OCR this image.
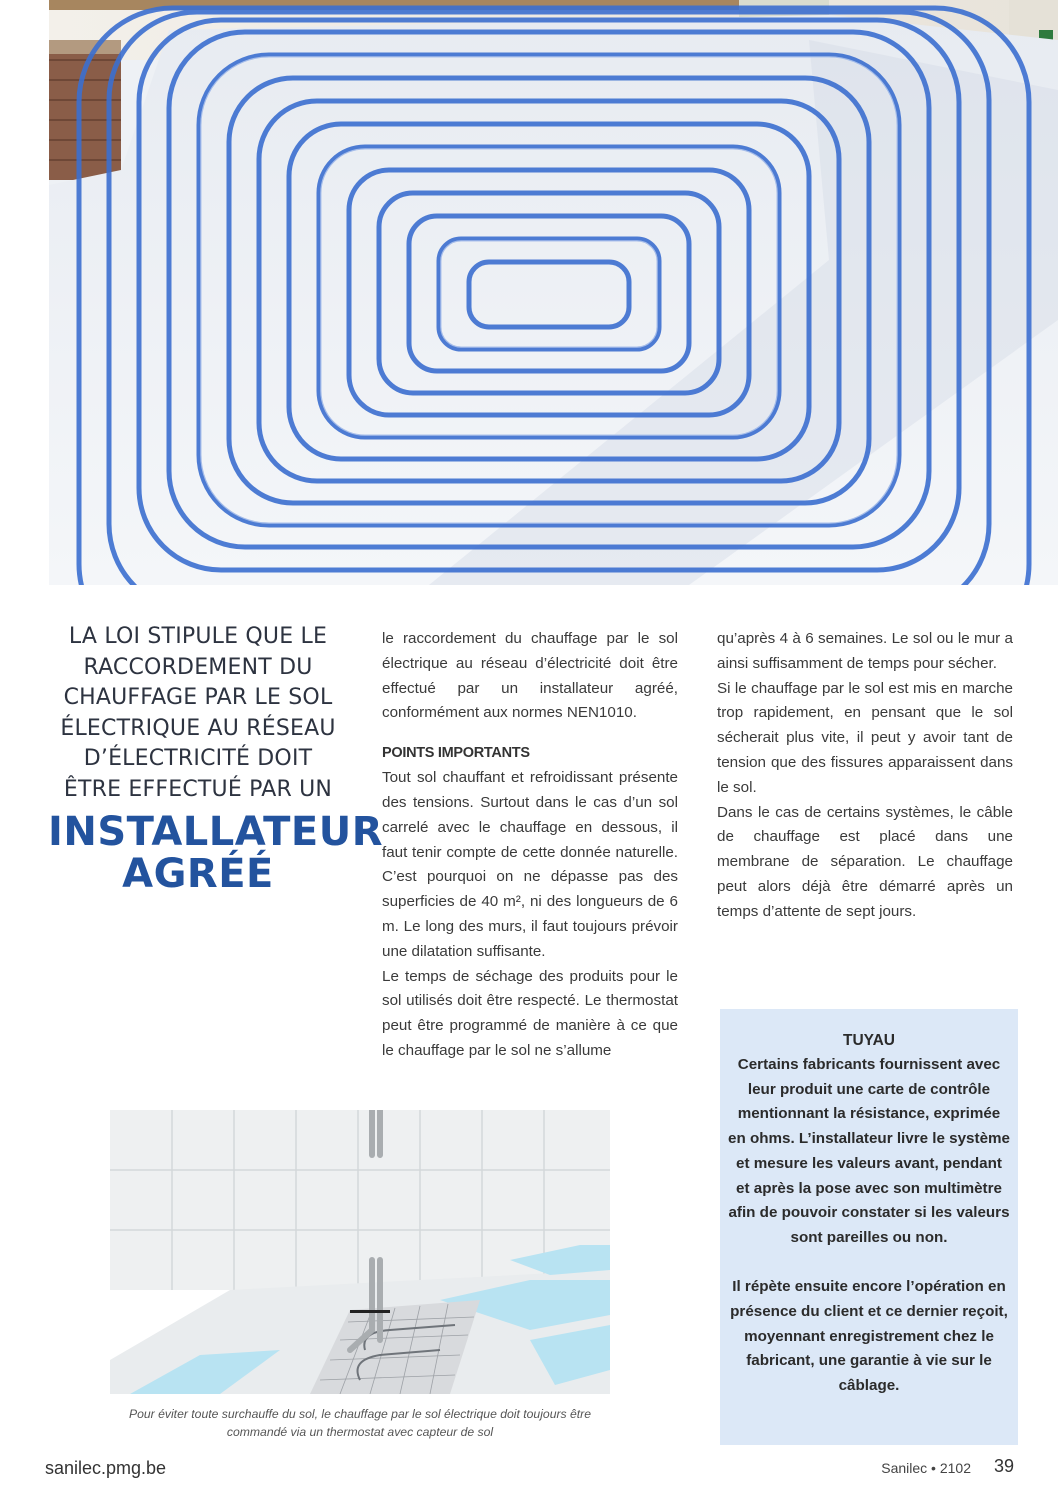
LA LOI STIPULE QUE LE

RACCORDEMENT DU

CHAUFFAGE PAR LE SOL

ÉLECTRIQUE AU RÉSEAU

D’ÉLECTRICITÉ DOIT

ÊTRE EFFECTUÉ PAR UN

INSTALLATEUR

AGRÉÉ

le raccordement du chauffage par le sol électrique au réseau d’électricité doit être effectué par un installateur agréé, conformément aux normes NEN1010.

POINTS IMPORTANTS

Tout sol chauffant et refroidissant présente des tensions. Surtout dans le cas d’un sol carrelé avec le chauffage en dessous, il faut tenir compte de cette donnée naturelle. C’est pourquoi on ne dépasse pas des superficies de 40 m², ni des longueurs de 6 m. Le long des murs, il faut toujours prévoir une dilatation suffisante.

Le temps de séchage des produits pour le sol utilisés doit être respecté. Le thermostat peut être programmé de manière à ce que le chauffage par le sol ne s’allume

qu’après 4 à 6 semaines. Le sol ou le mur a ainsi suffisamment de temps pour sécher.

Si le chauffage par le sol est mis en marche trop rapidement, en pensant que le sol sécherait plus vite, il peut y avoir tant de tension que des fissures apparaissent dans le sol.

Dans le cas de certains systèmes, le câble de chauffage est placé dans une membrane de séparation. Le chauffage peut alors déjà être démarré après un temps d’attente de sept jours.

TUYAU

Certains fabricants fournissent avec leur produit une carte de contrôle mentionnant la résistance, exprimée en ohms. L’installateur livre le système et mesure les valeurs avant, pendant et après la pose avec son multimètre afin de pouvoir constater si les valeurs sont pareilles ou non.

Il répète ensuite encore l’opération en présence du client et ce dernier reçoit, moyennant enregistrement chez le fabricant, une garantie à vie sur le câblage.

Pour éviter toute surchauffe du sol, le chauffage par le sol électrique doit toujours être commandé via un thermostat avec capteur de sol
sanilec.pmg.be	Sanilec • 2102 39
